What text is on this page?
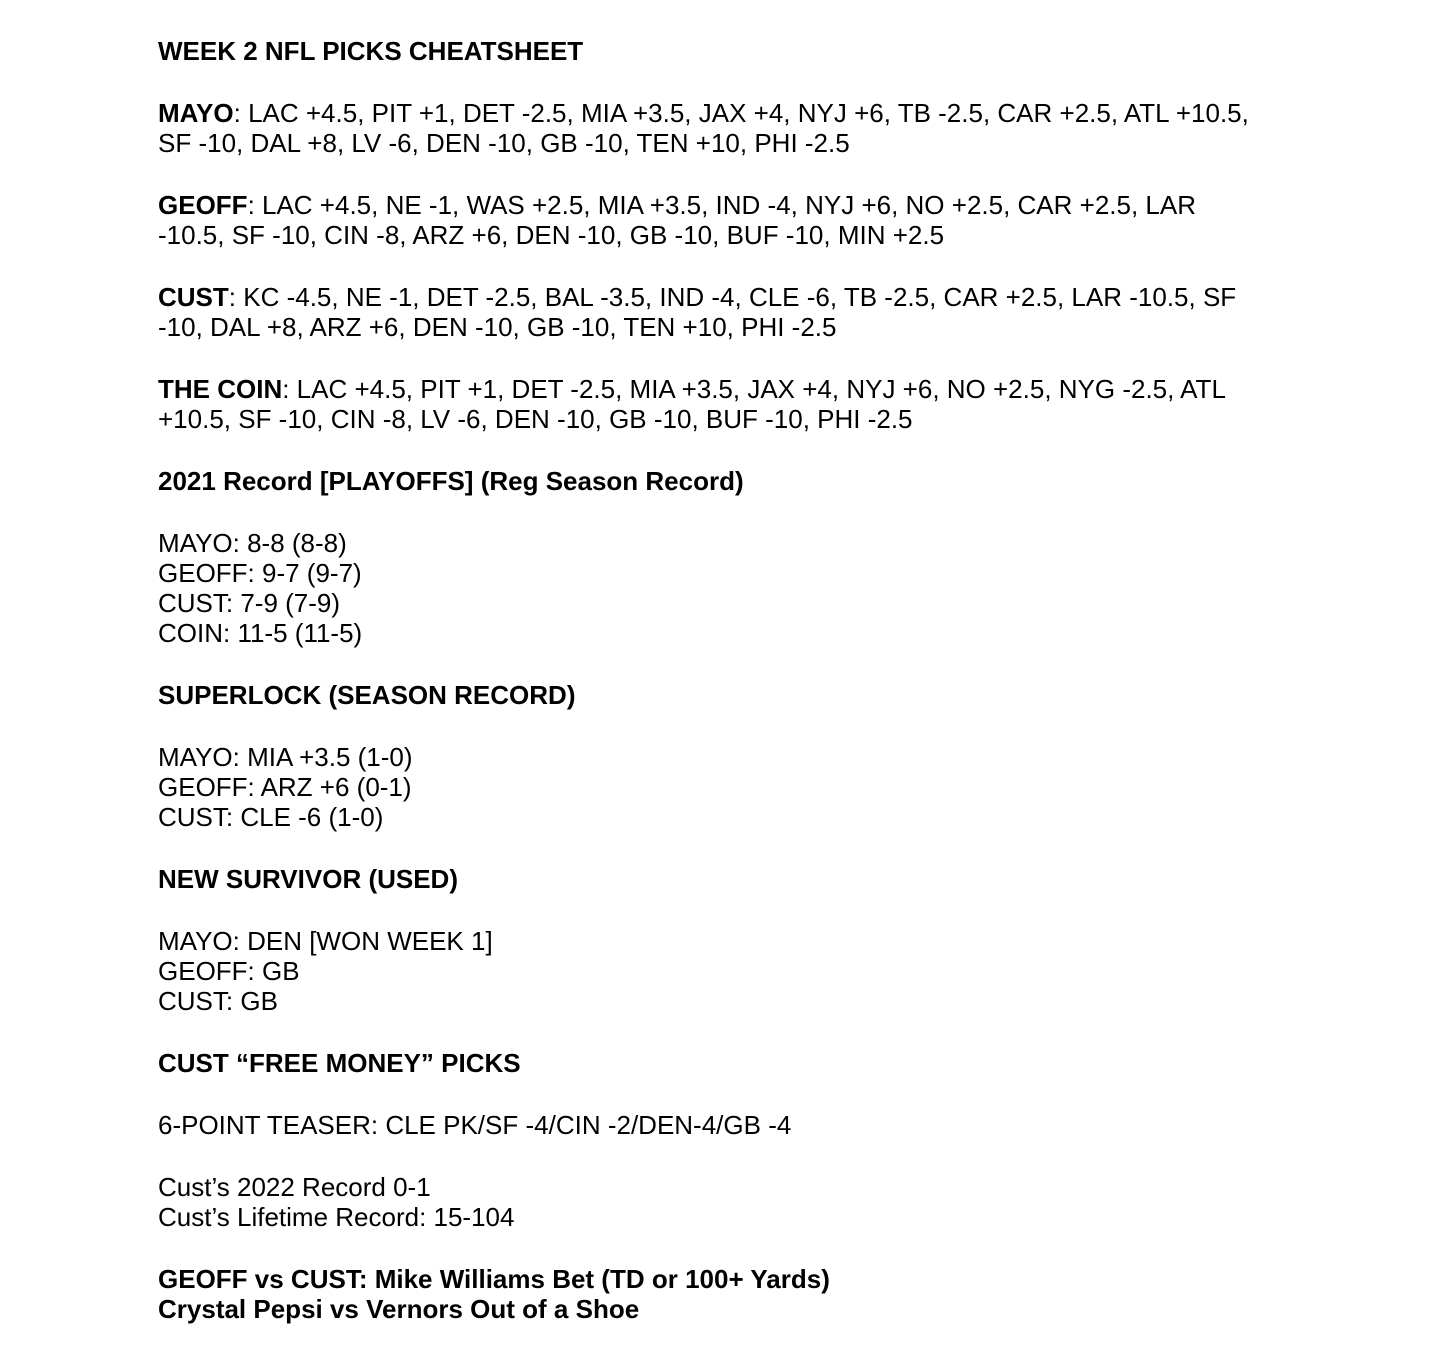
WEEK 2 NFL PICKS CHEATSHEET

MAYO: LAC +4.5, PIT +1, DET -2.5, MIA +3.5, JAX +4, NYJ +6, TB -2.5, CAR +2.5, ATL +10.5,

SF -10, DAL +8, LV -6, DEN -10, GB -10, TEN +10, PHI -2.5

GEOFF: LAC +4.5, NE -1, WAS +2.5, MIA +3.5, IND -4, NYJ +6, NO +2.5, CAR +2.5, LAR

-10.5, SF -10, CIN -8, ARZ +6, DEN -10, GB -10, BUF -10, MIN +2.5

CUST: KC -4.5, NE -1, DET -2.5, BAL -3.5, IND -4, CLE -6, TB -2.5, CAR +2.5, LAR -10.5, SF

-10, DAL +8, ARZ +6, DEN -10, GB -10, TEN +10, PHI -2.5

THE COIN: LAC +4.5, PIT +1, DET -2.5, MIA +3.5, JAX +4, NYJ +6, NO +2.5, NYG -2.5, ATL

+10.5, SF -10, CIN -8, LV -6, DEN -10, GB -10, BUF -10, PHI -2.5

2021 Record [PLAYOFFS] (Reg Season Record)

MAYO: 8-8 (8-8)

GEOFF: 9-7 (9-7)

CUST: 7-9 (7-9)

COIN: 11-5 (11-5)

SUPERLOCK (SEASON RECORD)

MAYO: MIA +3.5 (1-0)

GEOFF: ARZ +6 (0-1)

CUST: CLE -6 (1-0)

NEW SURVIVOR (USED)

MAYO: DEN [WON WEEK 1]

GEOFF: GB

CUST: GB

CUST “FREE MONEY” PICKS

6-POINT TEASER: CLE PK/SF -4/CIN -2/DEN-4/GB -4

Cust’s 2022 Record 0-1

Cust’s Lifetime Record: 15-104

GEOFF vs CUST: Mike Williams Bet (TD or 100+ Yards)

Crystal Pepsi vs Vernors Out of a Shoe
